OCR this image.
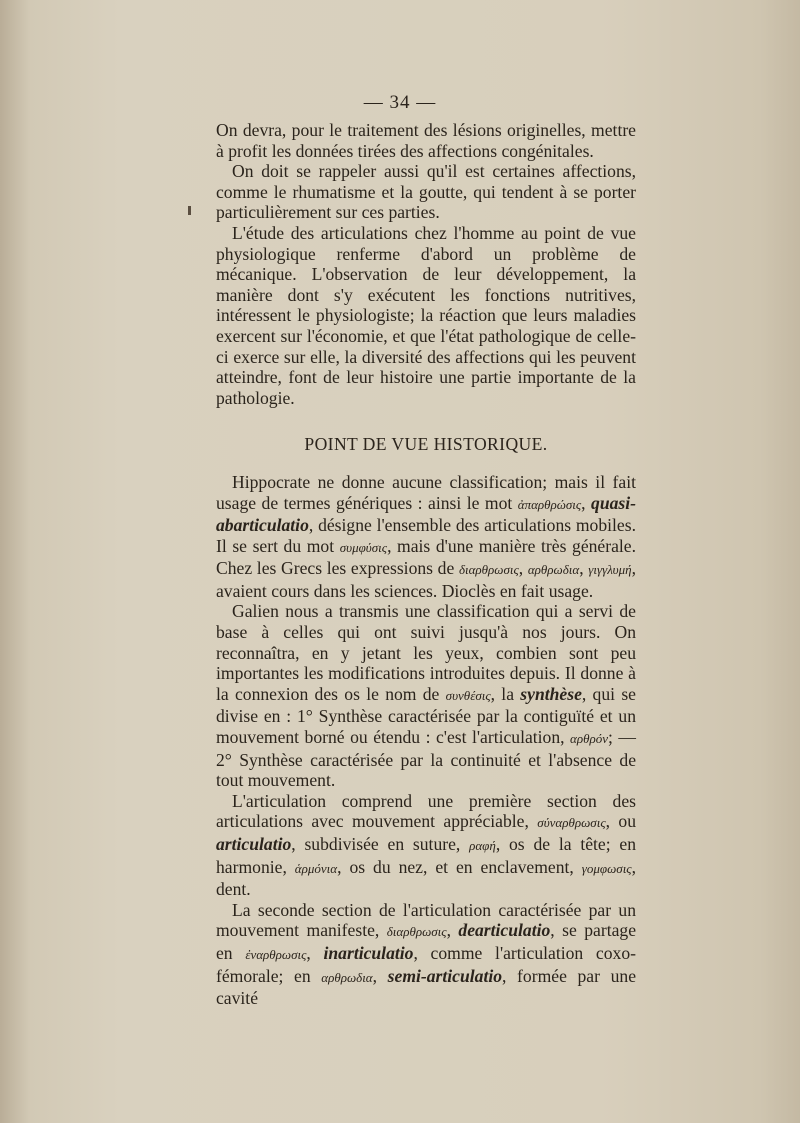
— 34 —

On devra, pour le traitement des lésions originelles, mettre à profit les données tirées des affections congénitales.

On doit se rappeler aussi qu'il est certaines affections, comme le rhumatisme et la goutte, qui tendent à se porter particulièrement sur ces parties.

L'étude des articulations chez l'homme au point de vue physiologique renferme d'abord un problème de mécanique. L'observation de leur développement, la manière dont s'y exécutent les fonctions nutritives, intéressent le physiologiste; la réaction que leurs maladies exercent sur l'économie, et que l'état pathologique de celle-ci exerce sur elle, la diversité des affections qui les peuvent atteindre, font de leur histoire une partie importante de la pathologie.

POINT DE VUE HISTORIQUE.

Hippocrate ne donne aucune classification; mais il fait usage de termes génériques : ainsi le mot ἀπαρθρώσις, quasi-abarticulatio, désigne l'ensemble des articulations mobiles. Il se sert du mot συμφύσις, mais d'une manière très générale. Chez les Grecs les expressions de διαρθρωσις, αρθρωδια, γιγγλυμή, avaient cours dans les sciences. Dioclès en fait usage.

Galien nous a transmis une classification qui a servi de base à celles qui ont suivi jusqu'à nos jours. On reconnaîtra, en y jetant les yeux, combien sont peu importantes les modifications introduites depuis. Il donne à la connexion des os le nom de συνθέσις, la synthèse, qui se divise en : 1° Synthèse caractérisée par la contiguïté et un mouvement borné ou étendu : c'est l'articulation, αρθρόν; — 2° Synthèse caractérisée par la continuité et l'absence de tout mouvement.

L'articulation comprend une première section des articulations avec mouvement appréciable, σύναρθρωσις, ou articulatio, subdivisée en suture, ραφή, os de la tête; en harmonie, ἁρμόνια, os du nez, et en enclavement, γομφωσις, dent.

La seconde section de l'articulation caractérisée par un mouvement manifeste, διαρθρωσις, dearticulatio, se partage en ἐναρθρωσις, inarticulatio, comme l'articulation coxo-fémorale; en αρθρωδια, semi-articulatio, formée par une cavité
